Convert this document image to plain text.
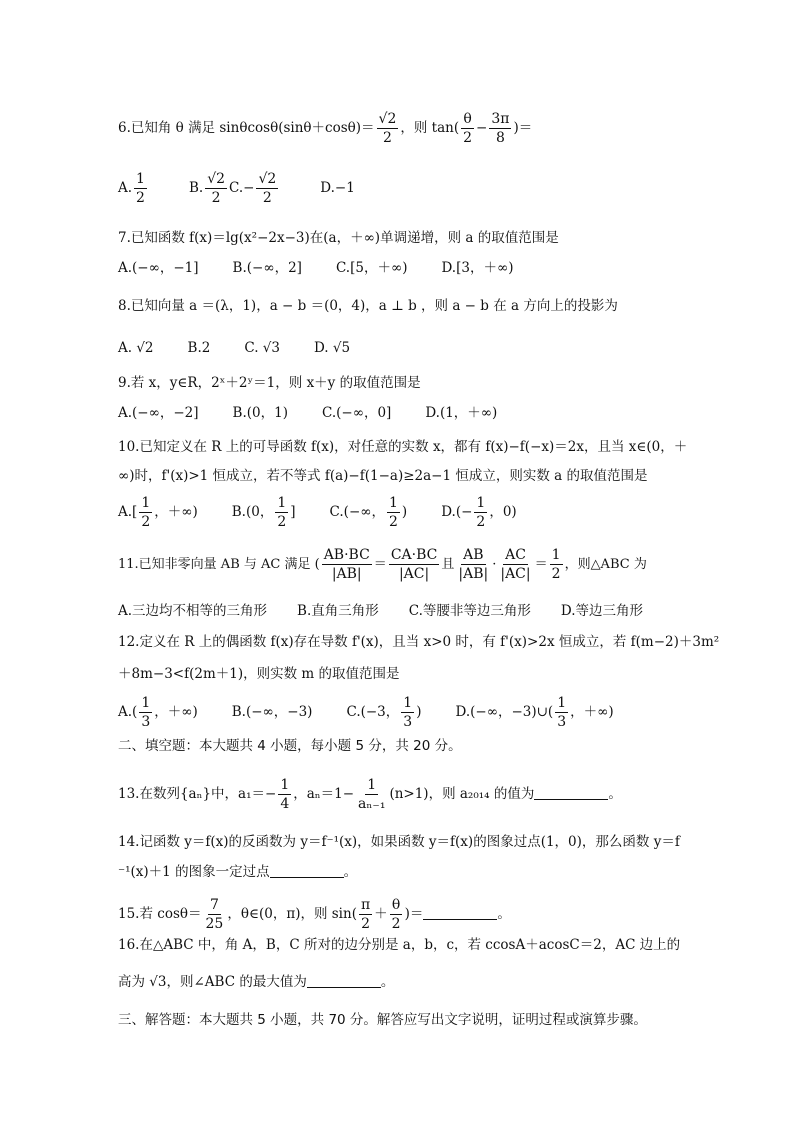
6.已知角 θ 满足 $\sin\theta\cos\theta(\sin\theta+\cos\theta)= \frac{√2}{2}$ ，则 $\tan( \frac{\theta}{2} - \frac{3\pi}{8}$ )＝
A. $\frac{1}{2}$	B. $\frac{√2}{2} C.- \frac{√2}{2}$	D.−1
7.已知函数 f(x)＝lg(x²−2x−3)在(a，＋∞)单调递增，则 a 的取值范围是
A.(−∞，−1]	B.(−∞，2]	C.[5，＋∞)	D.[3，＋∞)
8.已知向量 a ＝(λ，1)，a − b ＝(0，4)，a ⊥ b ，则 a − b 在 a 方向上的投影为
A. √2	B.2	C. √3	D. √5
9.若 x，y∈R，2ˣ＋2ʸ＝1，则 x＋y 的取值范围是
A.(−∞，−2]	B.(0，1)	C.(−∞，0]	D.(1，＋∞)
10.已知定义在 R 上的可导函数 f(x)，对任意的实数 x，都有 f(x)−f(−x)＝2x，且当 x∈(0，＋
∞)时，f'(x)>1 恒成立，若不等式 f(a)−f(1−a)≥2a−1 恒成立，则实数 a 的取值范围是
$A.[ \frac{1}{2}$ ，＋∞)	B.(0， $\frac{1}{2}$ ]	C.(−∞， $\frac{1}{2}$ )	$D.(- \frac{1}{2}$ ，0)
11.已知非零向量 AB 与 AC 满足 ( $\frac{AB\cdot BC}{|AB|} = \frac{CA\cdot BC}{|AC|}$ 且 $\frac{AB}{|AB|} \cdot \frac{AC}{|AC|} = \frac{1}{2}$ ，则△ABC 为
A.三边均不相等的三角形 B.直角三角形 C.等腰非等边三角形 D.等边三角形
12.定义在 R 上的偶函数 f(x)存在导数 f'(x)，且当 x>0 时，有 f'(x)>2x 恒成立，若 f(m−2)＋3m²
＋8m−3<f(2m＋1)，则实数 m 的取值范围是
$A.( \frac{1}{3}$ ，＋∞)	B.(−∞，−3)	C.(−3， $\frac{1}{3}$ )	D.(−∞，−3)∪( $\frac{1}{3}$ ，＋∞)
二、填空题：本大题共 4 小题，每小题 5 分，共 20 分。
13.在数列{aₙ}中，$a_1=- \frac{1}{4}$ ，$a_n=1- \frac{1}{\text{aₙ₋₁}} (n>1)$，则 a₂₀₁₄ 的值为	。
14.记函数 y＝f(x)的反函数为 y＝f⁻¹(x)，如果函数 y＝f(x)的图象过点(1，0)，那么函数 y＝f
⁻¹(x)＋1 的图象一定过点	。
15.若 $\cos\theta= \frac{7}{25}$ ，θ∈(0，π)，则 $\sin( \frac{\pi}{2} + \frac{\theta}{2}$ )＝	。
16.在△ABC 中，角 A，B，C 所对的边分别是 a，b，c，若 ccosA＋acosC＝2，AC 边上的
高为 √3，则∠ABC 的最大值为	。
三、解答题：本大题共 5 小题，共 70 分。解答应写出文字说明，证明过程或演算步骤。
